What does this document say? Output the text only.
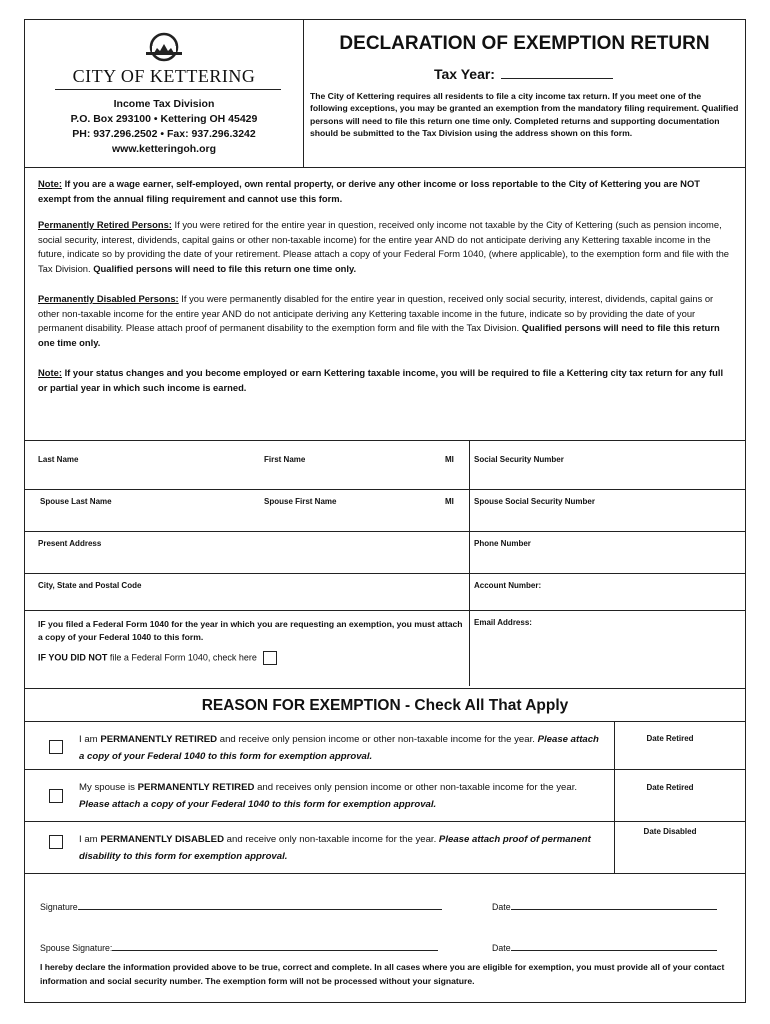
CITY OF KETTERING
Income Tax Division
P.O. Box 293100 • Kettering OH 45429
PH: 937.296.2502 • Fax: 937.296.3242
www.ketteringoh.org
DECLARATION OF EXEMPTION RETURN
Tax Year:
The City of Kettering requires all residents to file a city income tax return. If you meet one of the following exceptions, you may be granted an exemption from the mandatory filing requirement. Qualified persons will need to file this return one time only. Completed returns and supporting documentation should be submitted to the Tax Division using the address shown on this form.

Note: If you are a wage earner, self-employed, own rental property, or derive any other income or loss reportable to the City of Kettering you are NOT exempt from the annual filing requirement and cannot use this form.

Permanently Retired Persons: If you were retired for the entire year in question, received only income not taxable by the City of Kettering (such as pension income, social security, interest, dividends, capital gains or other non-taxable income) for the entire year AND do not anticipate deriving any Kettering taxable income in the future, indicate so by providing the date of your retirement. Please attach a copy of your Federal Form 1040, (where applicable), to the exemption form and file with the Tax Division. Qualified persons will need to file this return one time only.

Permanently Disabled Persons: If you were permanently disabled for the entire year in question, received only social security, interest, dividends, capital gains or other non-taxable income for the entire year AND do not anticipate deriving any Kettering taxable income in the future, indicate so by providing the date of your permanent disability. Please attach proof of permanent disability to the exemption form and file with the Tax Division. Qualified persons will need to file this return one time only.

Note: If your status changes and you become employed or earn Kettering taxable income, you will be required to file a Kettering city tax return for any full or partial year in which such income is earned.

Last Name	First Name	MI	Social Security Number
Spouse Last Name	Spouse First Name	MI	Spouse Social Security Number
Present Address	Phone Number
City, State and Postal Code	Account Number:
IF you filed a Federal Form 1040 for the year in which you are requesting an exemption, you must attach a copy of your Federal 1040 to this form.
IF YOU DID NOT file a Federal Form 1040, check here
Email Address:
REASON FOR EXEMPTION - Check All That Apply
I am PERMANENTLY RETIRED and receive only pension income or other non-taxable income for the year. Please attach a copy of your Federal 1040 to this form for exemption approval.
Date Retired
My spouse is PERMANENTLY RETIRED and receives only pension income or other non-taxable income for the year. Please attach a copy of your Federal 1040 to this form for exemption approval.
Date Retired
I am PERMANENTLY DISABLED and receive only non-taxable income for the year. Please attach proof of permanent disability to this form for exemption approval.
Date Disabled
Signature	Date
Spouse Signature:	Date
I hereby declare the information provided above to be true, correct and complete. In all cases where you are eligible for exemption, you must provide all of your contact information and social security number. The exemption form will not be processed without your signature.
